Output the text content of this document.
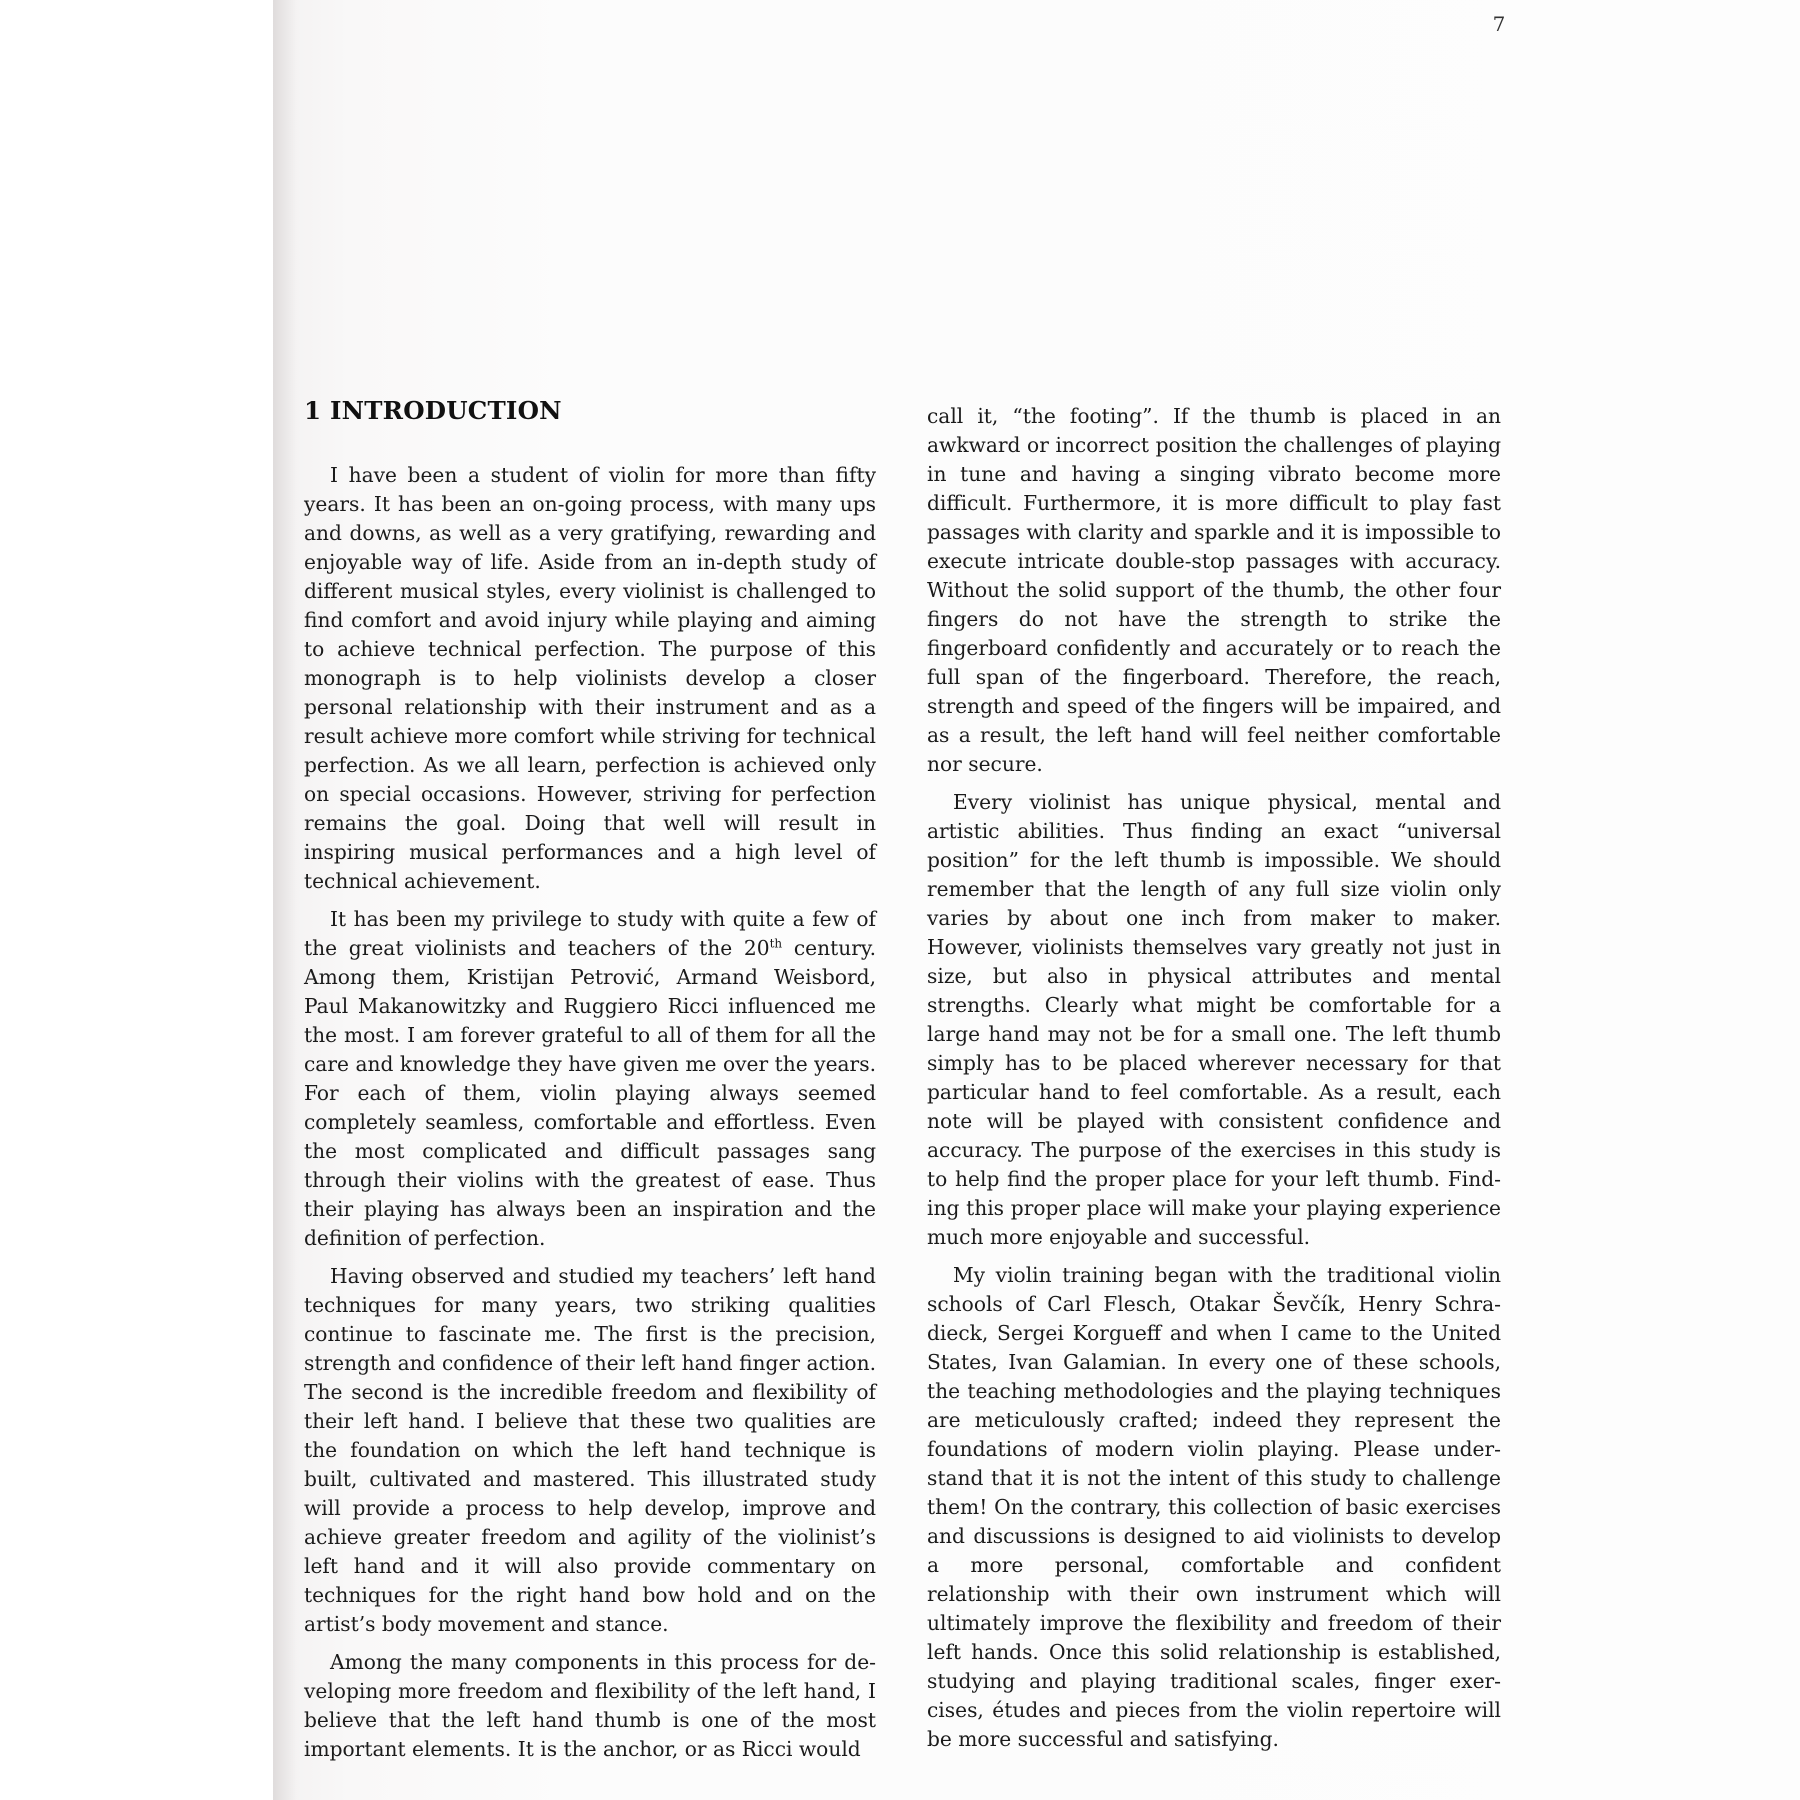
7
1 INTRODUCTION

I have been a student of violin for more than fifty years. It has been an on-going process, with many ups and downs, as well as a very gratifying, rewarding and enjoyable way of life. Aside from an in-depth study of different musical styles, every violinist is challenged to find comfort and avoid injury while playing and aiming to achieve technical perfection. The purpose of this monograph is to help violinists develop a closer personal relationship with their instrument and as a result achieve more comfort while striving for technical perfection. As we all learn, perfection is achieved only on special occasions. However, striving for perfection remains the goal. Doing that well will result in inspiring musical performances and a high level of technical achievement.

It has been my privilege to study with quite a few of the great violinists and teachers of the 20th century. Among them, Kristijan Petrović, Armand Weisbord, Paul Makanowitzky and Ruggiero Ricci influenced me the most. I am forever grateful to all of them for all the care and knowledge they have given me over the years. For each of them, violin playing always seemed completely seamless, comfortable and effortless. Even the most complicated and difficult passages sang through their violins with the greatest of ease. Thus their playing has always been an inspiration and the definition of perfection.

Having observed and studied my teachers’ left hand techniques for many years, two striking qualities continue to fascinate me. The first is the precision, strength and confidence of their left hand finger action. The second is the incredible freedom and flexibility of their left hand. I believe that these two qualities are the foundation on which the left hand technique is built, cultivated and mastered. This illustrated study will provide a process to help develop, improve and achieve greater freedom and agility of the violinist’s left hand and it will also provide commentary on techniques for the right hand bow hold and on the artist’s body movement and stance.

Among the many components in this process for developing more freedom and flexibility of the left hand, I believe that the left hand thumb is one of the most important elements. It is the anchor, or as Ricci would

call it, “the footing”. If the thumb is placed in an awkward or incorrect position the challenges of playing in tune and having a singing vibrato become more difficult. Furthermore, it is more difficult to play fast passages with clarity and sparkle and it is impossible to execute intricate double-stop passages with accuracy. Without the solid support of the thumb, the other four fingers do not have the strength to strike the fingerboard confidently and accurately or to reach the full span of the fingerboard. Therefore, the reach, strength and speed of the fingers will be impaired, and as a result, the left hand will feel neither comfortable nor secure.

Every violinist has unique physical, mental and artistic abilities. Thus finding an exact “universal position” for the left thumb is impossible. We should remember that the length of any full size violin only varies by about one inch from maker to maker. However, violinists themselves vary greatly not just in size, but also in physical attributes and mental strengths. Clearly what might be comfortable for a large hand may not be for a small one. The left thumb simply has to be placed wherever necessary for that particular hand to feel comfortable. As a result, each note will be played with consistent confidence and accuracy. The purpose of the exercises in this study is to help find the proper place for your left thumb. Finding this proper place will make your playing experience much more enjoyable and successful.

My violin training began with the traditional violin schools of Carl Flesch, Otakar Ševčík, Henry Schradieck, Sergei Korgueff and when I came to the United States, Ivan Galamian. In every one of these schools, the teaching methodologies and the playing techniques are meticulously crafted; indeed they represent the foundations of modern violin playing. Please understand that it is not the intent of this study to challenge them! On the contrary, this collection of basic exercises and discussions is designed to aid violinists to develop a more personal, comfortable and confident relationship with their own instrument which will ultimately improve the flexibility and freedom of their left hands. Once this solid relationship is established, studying and playing traditional scales, finger exercises, études and pieces from the violin repertoire will be more successful and satisfying.
